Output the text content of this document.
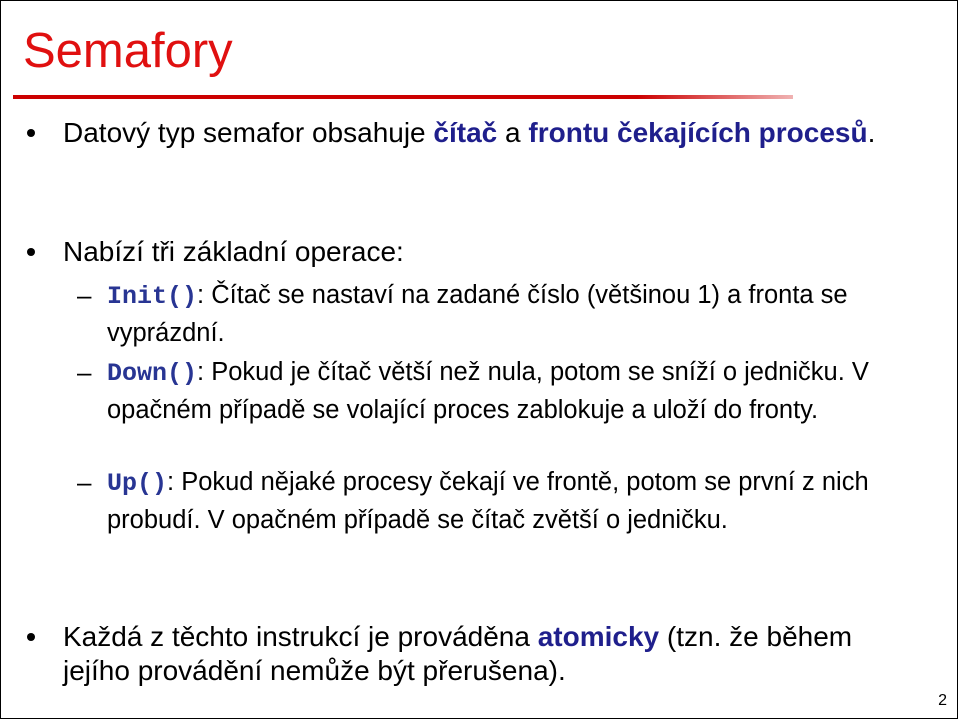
Semafory
Datový typ semafor obsahuje čítač a frontu čekajících procesů.
Nabízí tři základní operace:
– Init(): Čítač se nastaví na zadané číslo (většinou 1) a fronta se vyprázdní.
– Down(): Pokud je čítač větší než nula, potom se sníží o jedničku. V opačném případě se volající proces zablokuje a uloží do fronty.
– Up(): Pokud nějaké procesy čekají ve frontě, potom se první z nich probudí. V opačném případě se čítač zvětší o jedničku.
Každá z těchto instrukcí je prováděna atomicky (tzn. že během jejího provádění nemůže být přerušena).
2
